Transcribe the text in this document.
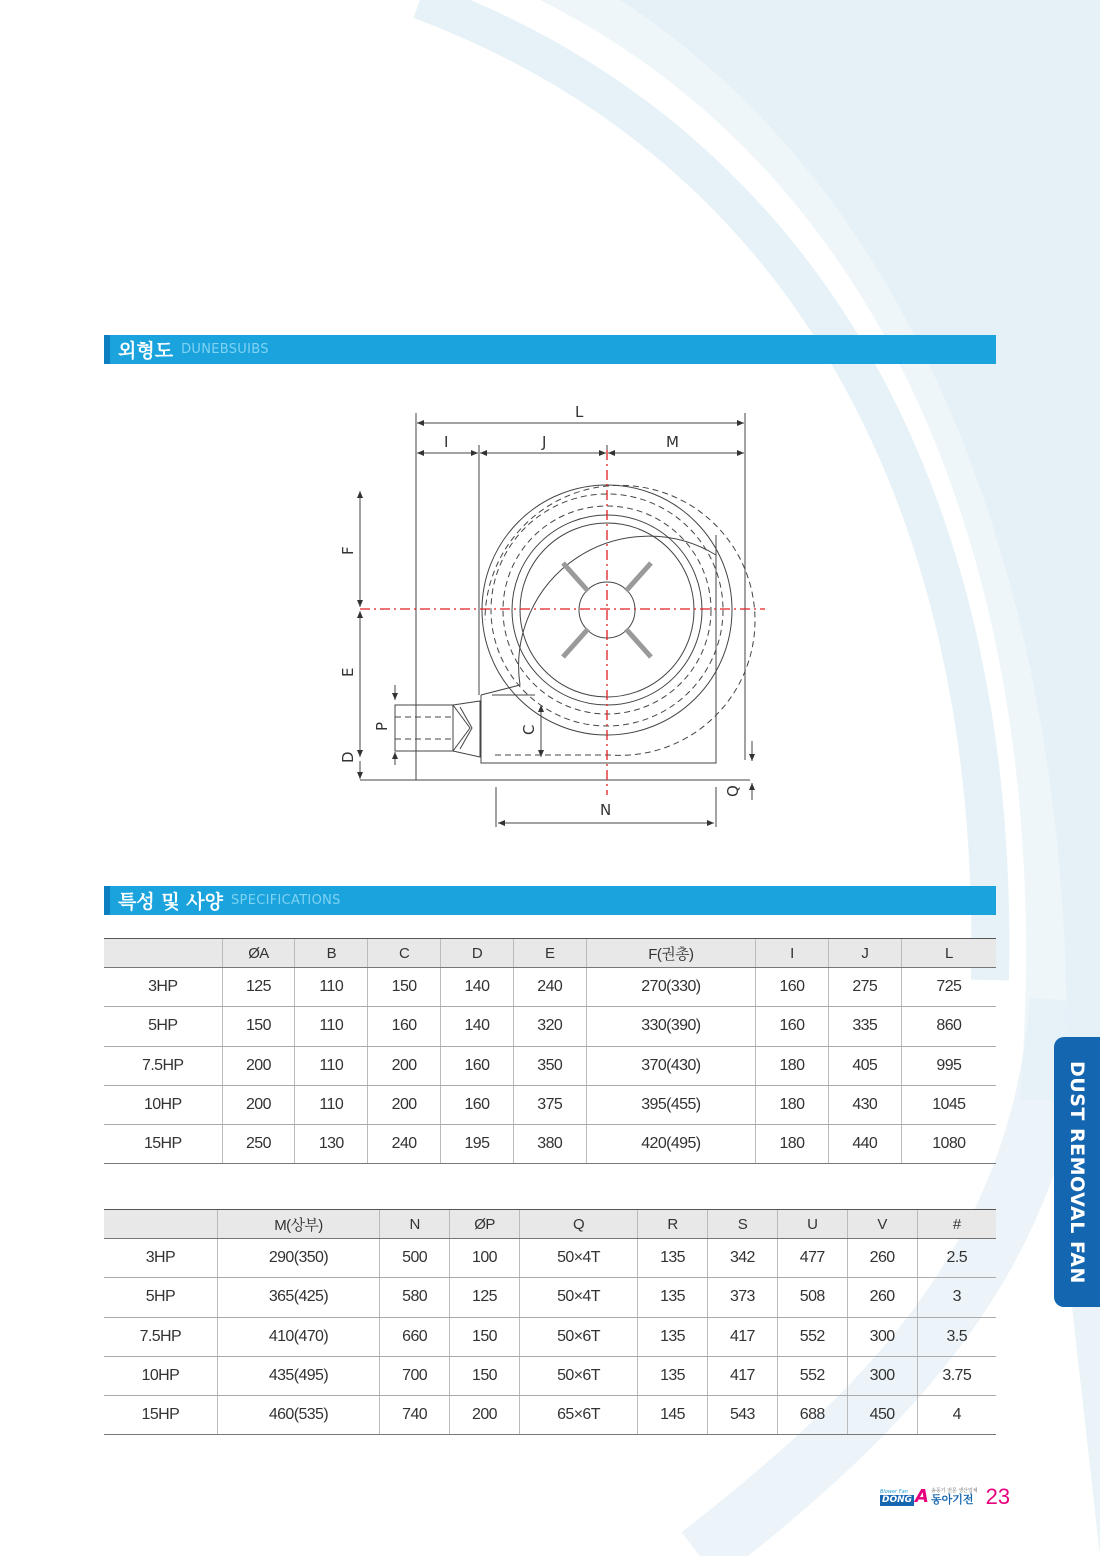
외형도 DUNEBSUIBS
L
I	J	M
F
E
D
P	C
N
Q
특성 및 사양 SPECIFICATIONS
	ØA	B	C	D	E	F(권총)	I	J	L
3HP	125	110	150	140	240	270(330)	160	275	725
5HP	150	110	160	140	320	330(390)	160	335	860
7.5HP	200	110	200	160	350	370(430)	180	405	995
10HP	200	110	200	160	375	395(455)	180	430	1045
15HP	250	130	240	195	380	420(495)	180	440	1080
	M(상부)	N	ØP	Q	R	S	U	V	#
3HP	290(350)	500	100	50×4T	135	342	477	260	2.5
5HP	365(425)	580	125	50×4T	135	373	508	260	3
7.5HP	410(470)	660	150	50×6T	135	417	552	300	3.5
10HP	435(495)	700	150	50×6T	135	417	552	300	3.75
15HP	460(535)	740	200	65×6T	145	543	688	450	4
DUST REMOVAL FAN
Blower Fan
DONG A 송풍기 전문 생산업체
동아기전 23
